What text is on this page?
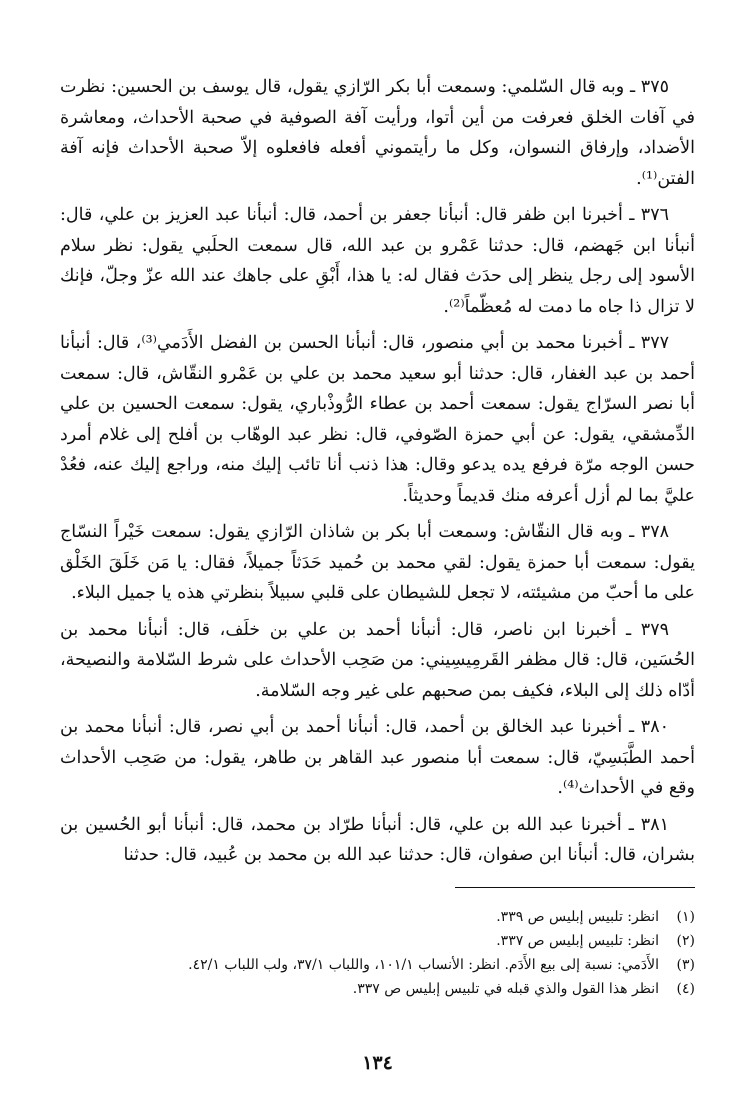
٣٧٥ ـ وبه قال السّلمي: وسمعت أبا بكر الرّازي يقول، قال يوسف بن الحسين: نظرت في آفات الخلق فعرفت من أين أتوا، ورأيت آفة الصوفية في صحبة الأحداث، ومعاشرة الأضداد، وإرفاق النسوان، وكل ما رأيتموني أفعله فافعلوه إلاّ صحبة الأحداث فإنه آفة الفتن⁽¹⁾.

٣٧٦ ـ أخبرنا ابن ظفر قال: أنبأنا جعفر بن أحمد، قال: أنبأنا عبد العزيز بن علي، قال: أنبأنا ابن جَهضم، قال: حدثنا عَمْرو بن عبد الله، قال سمعت الحلَبي يقول: نظر سلام الأسود إلى رجل ينظر إلى حدَث فقال له: يا هذا، أَبْقِ على جاهك عند الله عزّ وجلّ، فإنك لا تزال ذا جاه ما دمت له مُعظّماً⁽²⁾.

٣٧٧ ـ أخبرنا محمد بن أبي منصور، قال: أنبأنا الحسن بن الفضل الأَدَمي⁽³⁾، قال: أنبأنا أحمد بن عبد الغفار، قال: حدثنا أبو سعيد محمد بن علي بن عَمْرو النقّاش، قال: سمعت أبا نصر السرّاج يقول: سمعت أحمد بن عطاء الرُّوذْباري، يقول: سمعت الحسين بن علي الدِّمشقي، يقول: عن أبي حمزة الصّوفي، قال: نظر عبد الوهّاب بن أفلح إلى غلام أمرد حسن الوجه مرّة فرفع يده يدعو وقال: هذا ذنب أنا تائب إليك منه، وراجع إليك عنه، فعُدْ عليَّ بما لم أزل أعرفه منك قديماً وحديثاً.

٣٧٨ ـ وبه قال النقّاش: وسمعت أبا بكر بن شاذان الرّازي يقول: سمعت خَيْراً النسّاج يقول: سمعت أبا حمزة يقول: لقي محمد بن حُميد حَدَثاً جميلاً، فقال: يا مَن خَلَقَ الخَلْق على ما أحبّ من مشيئته، لا تجعل للشيطان على قلبي سبيلاً بنظرتي هذه يا جميل البلاء.

٣٧٩ ـ أخبرنا ابن ناصر، قال: أنبأنا أحمد بن علي بن خلَف، قال: أنبأنا محمد بن الحُسَين، قال: قال مظفر القَرمِيسِيني: من صَحِب الأحداث على شرط السّلامة والنصيحة، أدّاه ذلك إلى البلاء، فكيف بمن صحبهم على غير وجه السّلامة.

٣٨٠ ـ أخبرنا عبد الخالق بن أحمد، قال: أنبأنا أحمد بن أبي نصر، قال: أنبأنا محمد بن أحمد الطَّبَسِيّ، قال: سمعت أبا منصور عبد القاهر بن طاهر، يقول: من صَحِب الأحداث وقع في الأحداث⁽⁴⁾.

٣٨١ ـ أخبرنا عبد الله بن علي، قال: أنبأنا طرّاد بن محمد، قال: أنبأنا أبو الحُسين بن بشران، قال: أنبأنا ابن صفوان، قال: حدثنا عبد الله بن محمد بن عُبيد، قال: حدثنا

(١)
انظر: تلبيس إبليس ص ٣٣٩.
(٢)
انظر: تلبيس إبليس ص ٣٣٧.
(٣)
الأَدَمي: نسبة إلى بيع الأَدَم. انظر: الأنساب ١٠١/١، واللباب ٣٧/١، ولب اللباب ٤٢/١.
(٤)
انظر هذا القول والذي قبله في تلبيس إبليس ص ٣٣٧.
١٣٤
